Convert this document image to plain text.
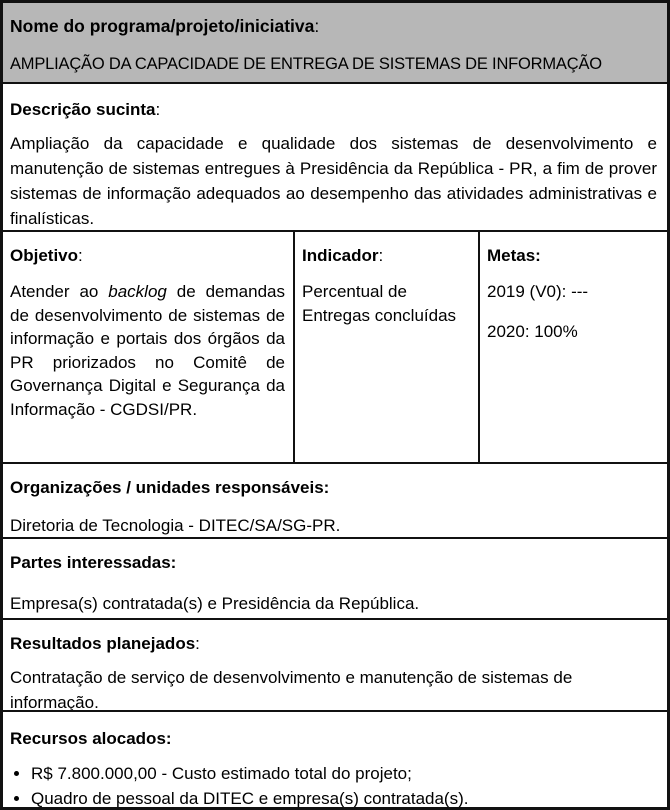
Nome do programa/projeto/iniciativa:

AMPLIAÇÃO DA CAPACIDADE DE ENTREGA DE SISTEMAS DE INFORMAÇÃO

Descrição sucinta:

Ampliação da capacidade e qualidade dos sistemas de desenvolvimento e manutenção de sistemas entregues à Presidência da República - PR, a fim de prover sistemas de informação adequados ao desempenho das atividades administrativas e finalísticas.

Objetivo:

Atender ao backlog de demandas de desenvolvimento de sistemas de informação e portais dos órgãos da PR priorizados no Comitê de Governança Digital e Segurança da Informação - CGDSI/PR.

Indicador:

Percentual de Entregas concluídas

Metas:

2019 (V0): ---

2020: 100%

Organizações / unidades responsáveis:

Diretoria de Tecnologia - DITEC/SA/SG-PR.

Partes interessadas:

Empresa(s) contratada(s) e Presidência da República.

Resultados planejados:

Contratação de serviço de desenvolvimento e manutenção de sistemas de informação.

Recursos alocados:

• R$ 7.800.000,00 - Custo estimado total do projeto;
• Quadro de pessoal da DITEC e empresa(s) contratada(s).
